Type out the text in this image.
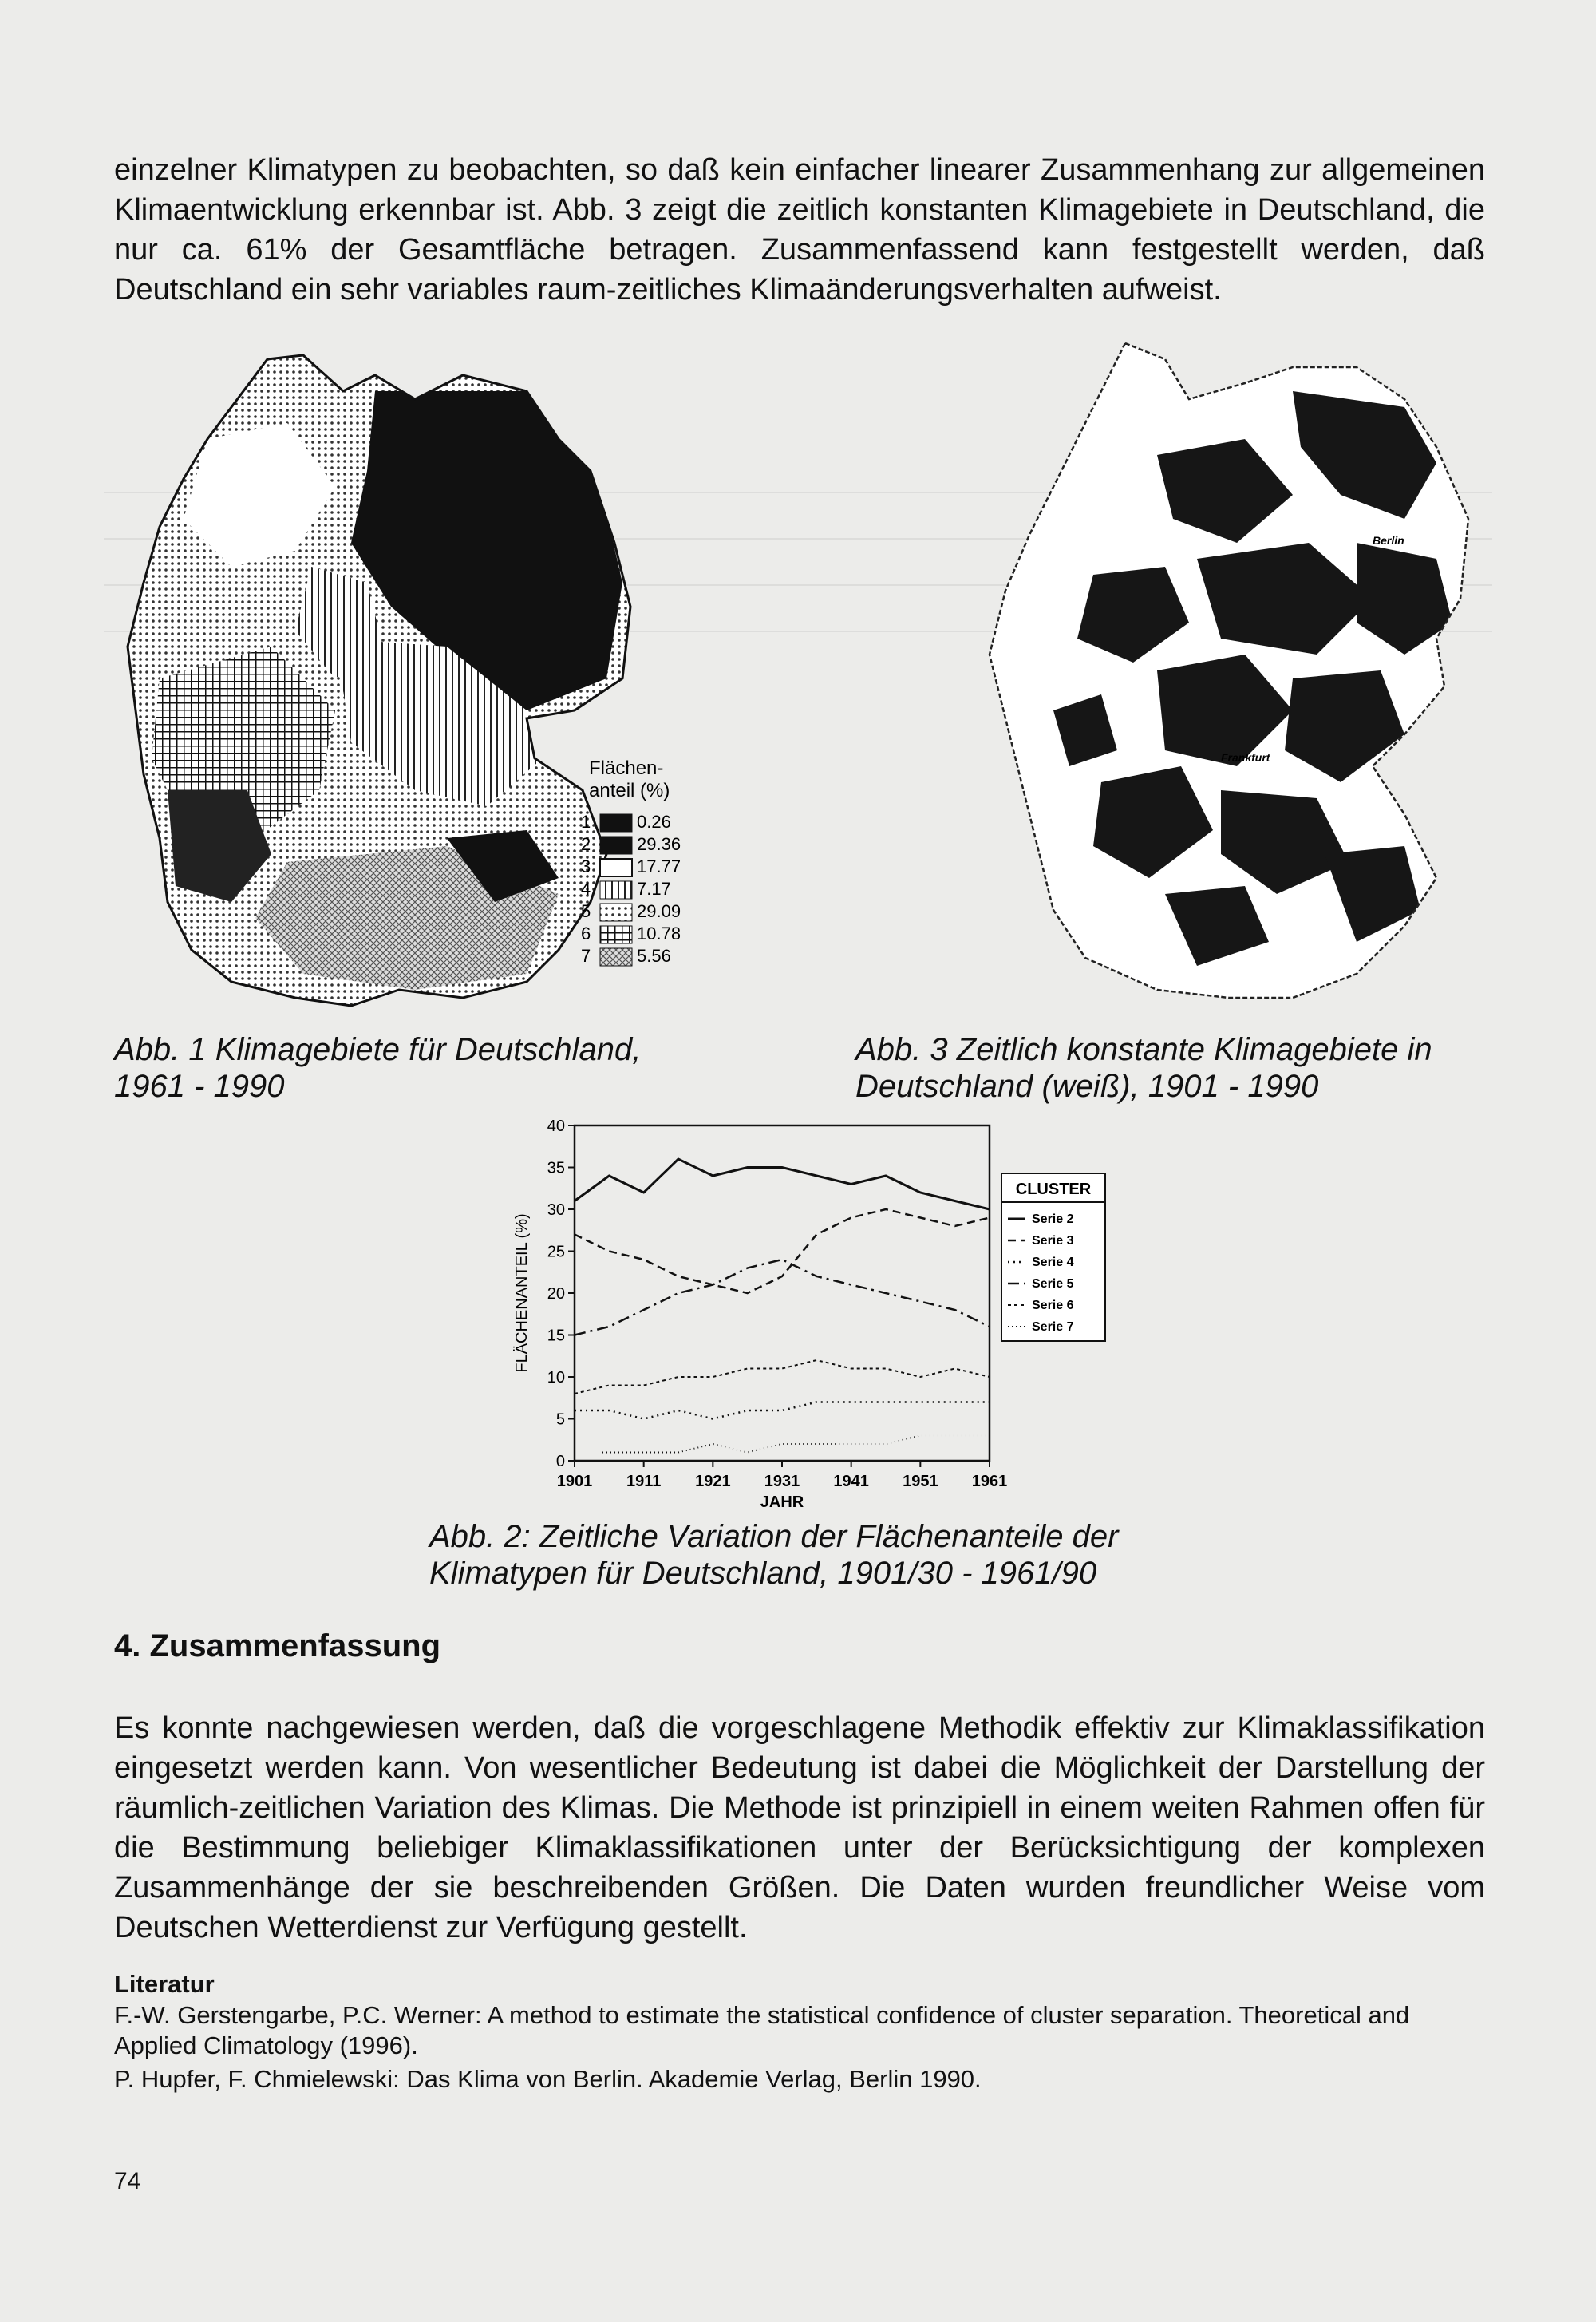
einzelner Klimatypen zu beobachten, so daß kein einfacher linearer Zusammenhang zur allgemeinen Klimaentwicklung erkennbar ist. Abb. 3 zeigt die zeitlich konstanten Klimagebiete in Deutschland, die nur ca. 61% der Gesamtfläche betragen. Zusammenfassend kann festgestellt werden, daß Deutschland ein sehr variables raum-zeitliches Klimaänderungsverhalten aufweist.

Flächen-
anteil (%)
1	0.26
2	29.36
3	17.77
4	7.17
5	29.09
6	10.78
7	5.56
Berlin
Frankfurt

Abb. 1 Klimagebiete für Deutschland,
1961 - 1990

Abb. 3 Zeitlich konstante Klimagebiete in
Deutschland (weiß), 1901 - 1990

0
5
10
15
20
25
30
35
40
1901 1911 1921 1931 1941 1951 1961
JAHR
FLÄCHENANTEIL (%)
CLUSTER
Serie 2
Serie 3
Serie 4
Serie 5
Serie 6
Serie 7

Abb. 2: Zeitliche Variation der Flächenanteile der
Klimatypen für Deutschland, 1901/30 - 1961/90

4. Zusammenfassung

Es konnte nachgewiesen werden, daß die vorgeschlagene Methodik effektiv zur Klimaklassifikation eingesetzt werden kann. Von wesentlicher Bedeutung ist dabei die Möglichkeit der Darstellung der räumlich-zeitlichen Variation des Klimas. Die Methode ist prinzipiell in einem weiten Rahmen offen für die Bestimmung beliebiger Klimaklassifikationen unter der Berücksichtigung der komplexen Zusammenhänge der sie beschreibenden Größen. Die Daten wurden freundlicher Weise vom Deutschen Wetterdienst zur Verfügung gestellt.

Literatur

F.-W. Gerstengarbe, P.C. Werner: A method to estimate the statistical confidence of cluster separation. Theoretical and Applied Climatology (1996).

P. Hupfer, F. Chmielewski: Das Klima von Berlin. Akademie Verlag, Berlin 1990.

74
